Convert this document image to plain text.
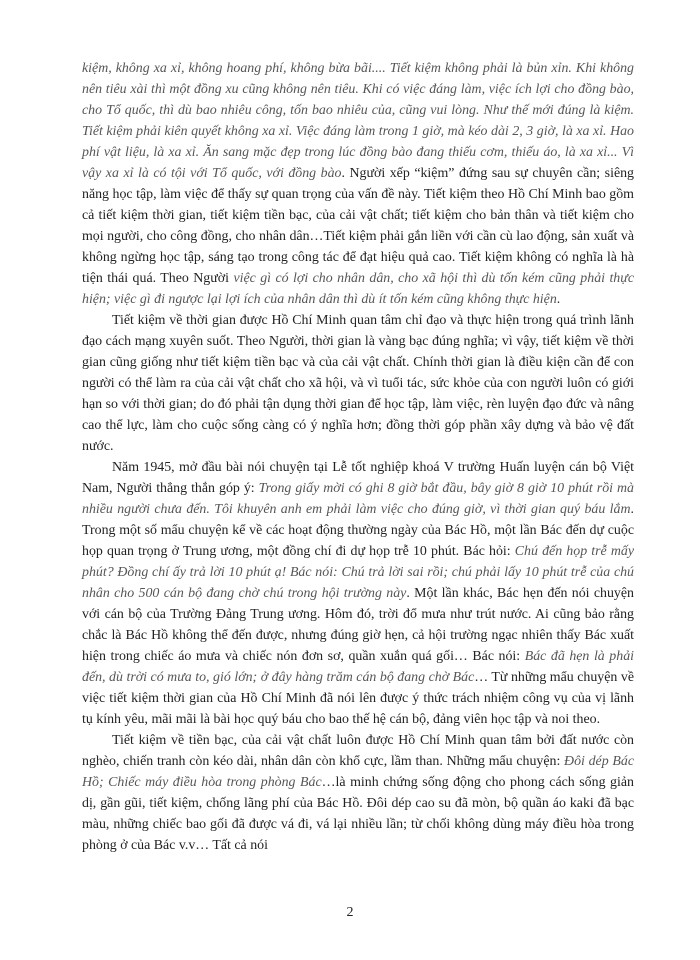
kiệm, không xa xỉ, không hoang phí, không bừa bãi.... Tiết kiệm không phải là bủn xỉn. Khi không nên tiêu xài thì một đồng xu cũng không nên tiêu. Khi có việc đáng làm, việc ích lợi cho đồng bào, cho Tổ quốc, thì dù bao nhiêu công, tốn bao nhiêu của, cũng vui lòng. Như thế mới đúng là kiệm. Tiết kiệm phải kiên quyết không xa xỉ. Việc đáng làm trong 1 giờ, mà kéo dài 2, 3 giờ, là xa xỉ. Hao phí vật liệu, là xa xỉ. Ăn sang mặc đẹp trong lúc đồng bào đang thiếu cơm, thiếu áo, là xa xỉ... Vì vậy xa xỉ là có tội với Tổ quốc, với đồng bào. Người xếp “kiệm” đứng sau sự chuyên cần; siêng năng học tập, làm việc để thấy sự quan trọng của vấn đề này. Tiết kiệm theo Hồ Chí Minh bao gồm cả tiết kiệm thời gian, tiết kiệm tiền bạc, của cải vật chất; tiết kiệm cho bản thân và tiết kiệm cho mọi người, cho công đồng, cho nhân dân…Tiết kiệm phải gắn liền với cần cù lao động, sản xuất và không ngừng học tập, sáng tạo trong công tác để đạt hiệu quả cao. Tiết kiệm không có nghĩa là hà tiện thái quá. Theo Người việc gì có lợi cho nhân dân, cho xã hội thì dù tốn kém cũng phải thực hiện; việc gì đi ngược lại lợi ích của nhân dân thì dù ít tốn kém cũng không thực hiện.

Tiết kiệm về thời gian được Hồ Chí Minh quan tâm chỉ đạo và thực hiện trong quá trình lãnh đạo cách mạng xuyên suốt. Theo Người, thời gian là vàng bạc đúng nghĩa; vì vậy, tiết kiệm về thời gian cũng giống như tiết kiệm tiền bạc và của cải vật chất. Chính thời gian là điều kiện cần để con người có thể làm ra của cải vật chất cho xã hội, và vì tuổi tác, sức khỏe của con người luôn có giới hạn so với thời gian; do đó phải tận dụng thời gian để học tập, làm việc, rèn luyện đạo đức và nâng cao thể lực, làm cho cuộc sống càng có ý nghĩa hơn; đồng thời góp phần xây dựng và bảo vệ đất nước.

Năm 1945, mở đầu bài nói chuyện tại Lễ tốt nghiệp khoá V trường Huấn luyện cán bộ Việt Nam, Người thẳng thắn góp ý: Trong giấy mời có ghi 8 giờ bắt đầu, bây giờ 8 giờ 10 phút rồi mà nhiều người chưa đến. Tôi khuyên anh em phải làm việc cho đúng giờ, vì thời gian quý báu lắm. Trong một số mẩu chuyện kể về các hoạt động thường ngày của Bác Hồ, một lần Bác đến dự cuộc họp quan trọng ở Trung ương, một đồng chí đi dự họp trễ 10 phút. Bác hỏi: Chú đến họp trễ mấy phút? Đồng chí ấy trả lời 10 phút ạ! Bác nói: Chú trả lời sai rồi; chú phải lấy 10 phút trễ của chú nhân cho 500 cán bộ đang chờ chú trong hội trường này. Một lần khác, Bác hẹn đến nói chuyện với cán bộ của Trường Đảng Trung ương. Hôm đó, trời đổ mưa như trút nước. Ai cũng bảo rằng chắc là Bác Hồ không thể đến được, nhưng đúng giờ hẹn, cả hội trường ngạc nhiên thấy Bác xuất hiện trong chiếc áo mưa và chiếc nón đơn sơ, quần xuắn quá gối… Bác nói: Bác đã hẹn là phải đến, dù trời có mưa to, gió lớn; ở đây hàng trăm cán bộ đang chờ Bác… Từ những mẩu chuyện về việc tiết kiệm thời gian của Hồ Chí Minh đã nói lên được ý thức trách nhiệm công vụ của vị lãnh tụ kính yêu, mãi mãi là bài học quý báu cho bao thế hệ cán bộ, đảng viên học tập và noi theo.

Tiết kiệm về tiền bạc, của cải vật chất luôn được Hồ Chí Minh quan tâm bởi đất nước còn nghèo, chiến tranh còn kéo dài, nhân dân còn khổ cực, lầm than. Những mẩu chuyện: Đôi dép Bác Hồ; Chiếc máy điều hòa trong phòng Bác…là minh chứng sống động cho phong cách sống giản dị, gần gũi, tiết kiệm, chống lãng phí của Bác Hồ. Đôi dép cao su đã mòn, bộ quần áo kaki đã bạc màu, những chiếc bao gối đã được vá đi, vá lại nhiều lần; từ chối không dùng máy điều hòa trong phòng ở của Bác v.v… Tất cả nói

2
